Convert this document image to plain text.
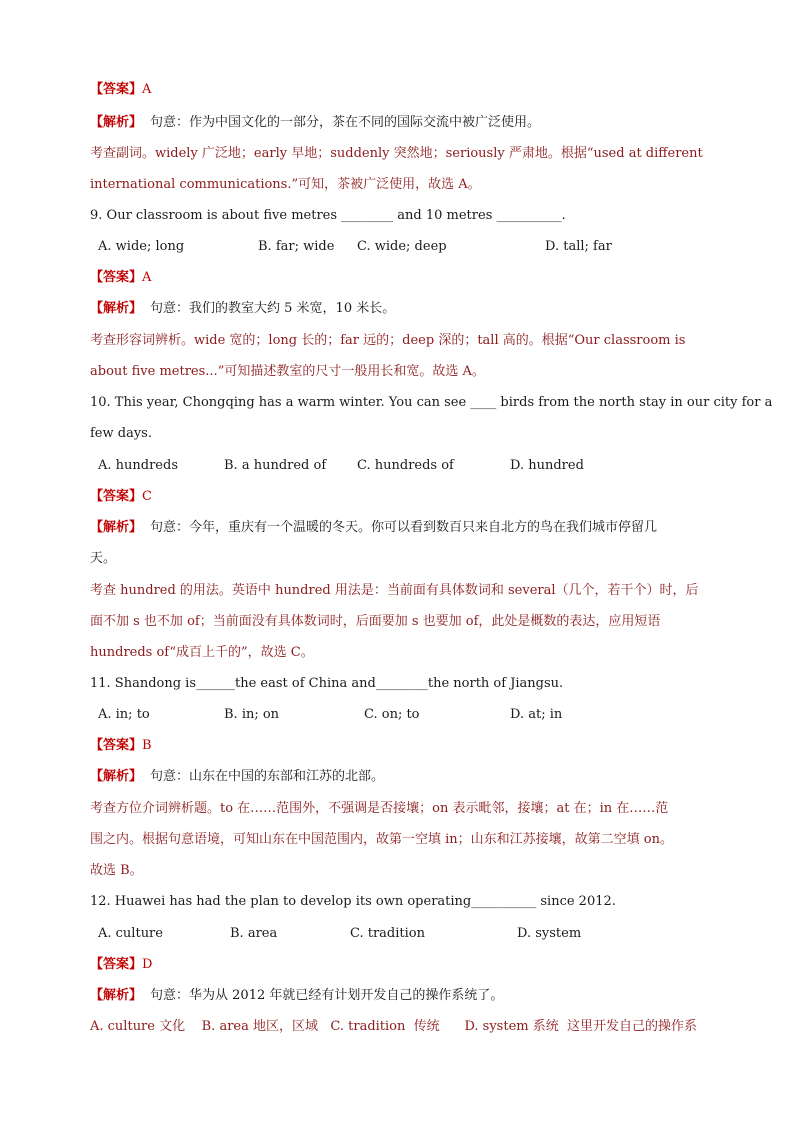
【答案】A
【解析】 句意：作为中国文化的一部分，茶在不同的国际交流中被广泛使用。
考查副词。widely 广泛地；early 早地；suddenly 突然地；seriously 严肃地。根据“used at different
international communications.”可知，茶被广泛使用，故选 A。
9. Our classroom is about five metres ________ and 10 metres __________.
A. wide; long	B. far; wide C. wide; deep	D. tall; far
【答案】A
【解析】 句意：我们的教室大约 5 米宽，10 米长。
考查形容词辨析。wide 宽的；long 长的；far 远的；deep 深的；tall 高的。根据“Our classroom is
about five metres...”可知描述教室的尺寸一般用长和宽。故选 A。
10. This year, Chongqing has a warm winter. You can see ____ birds from the north stay in our city for a
few days.
A. hundreds	B. a hundred of C. hundreds of	D. hundred
【答案】C
【解析】 句意：今年，重庆有一个温暖的冬天。你可以看到数百只来自北方的鸟在我们城市停留几
天。
考查 hundred 的用法。英语中 hundred 用法是：当前面有具体数词和 several（几个，若干个）时，后
面不加 s 也不加 of；当前面没有具体数词时，后面要加 s 也要加 of，此处是概数的表达，应用短语
hundreds of“成百上千的”，故选 C。
11. Shandong is______the east of China and________the north of Jiangsu.
A. in; to	B. in; on	C. on; to	D. at; in
【答案】B
【解析】 句意：山东在中国的东部和江苏的北部。
考查方位介词辨析题。to 在……范围外，不强调是否接壤；on 表示毗邻，接壤；at 在；in 在……范
围之内。根据句意语境，可知山东在中国范围内，故第一空填 in；山东和江苏接壤，故第二空填 on。
故选 B。
12. Huawei has had the plan to develop its own operating__________ since 2012.
A. culture	B. area	C. tradition	D. system
【答案】D
【解析】 句意：华为从 2012 年就已经有计划开发自己的操作系统了。
A. culture 文化    B. area 地区，区域   C. tradition  传统      D. system 系统  这里开发自己的操作系
